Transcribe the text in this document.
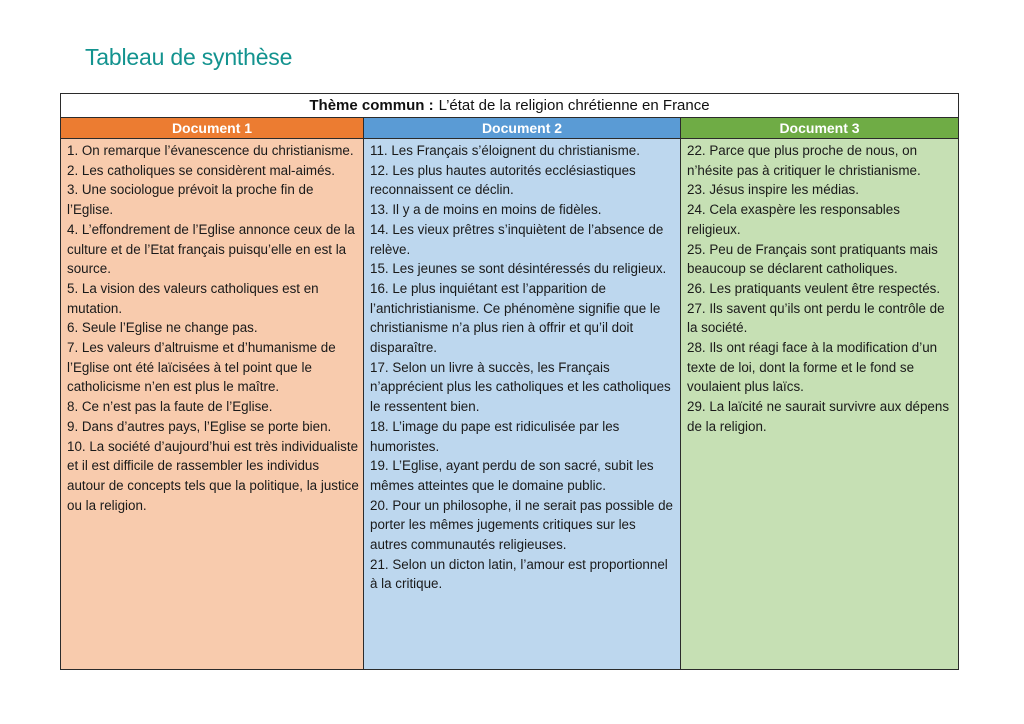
Tableau de synthèse
Thème commun : L’état de la religion chrétienne en France
Document 1	Document 2	Document 3

1. On remarque l’évanescence du christianisme.

2. Les catholiques se considèrent mal-aimés.

3. Une sociologue prévoit la proche fin de l’Eglise.

4. L’effondrement de l’Eglise annonce ceux de la culture et de l’Etat français puisqu’elle en est la source.

5. La vision des valeurs catholiques est en mutation.

6. Seule l’Eglise ne change pas.

7. Les valeurs d’altruisme et d’humanisme de l’Eglise ont été laïcisées à tel point que le catholicisme n’en est plus le maître.

8. Ce n’est pas la faute de l’Eglise.

9. Dans d’autres pays, l’Eglise se porte bien.

10. La société d’aujourd’hui est très individualiste et il est difficile de rassembler les individus autour de concepts tels que la politique, la justice ou la religion.

11. Les Français s’éloignent du christianisme.

12. Les plus hautes autorités ecclésiastiques reconnaissent ce déclin.

13. Il y a de moins en moins de fidèles.

14. Les vieux prêtres s’inquiètent de l’absence de relève.

15. Les jeunes se sont désintéressés du religieux.

16. Le plus inquiétant est l’apparition de l’antichristianisme. Ce phénomène signifie que le christianisme n’a plus rien à offrir et qu’il doit disparaître.

17. Selon un livre à succès, les Français n’apprécient plus les catholiques et les catholiques le ressentent bien.

18. L’image du pape est ridiculisée par les humoristes.

19. L’Eglise, ayant perdu de son sacré, subit les mêmes atteintes que le domaine public.

20. Pour un philosophe, il ne serait pas possible de porter les mêmes jugements critiques sur les autres communautés religieuses.

21. Selon un dicton latin, l’amour est proportionnel à la critique.

22. Parce que plus proche de nous, on n’hésite pas à critiquer le christianisme.

23. Jésus inspire les médias.

24. Cela exaspère les responsables religieux.

25. Peu de Français sont pratiquants mais beaucoup se déclarent catholiques.

26. Les pratiquants veulent être respectés.

27. Ils savent qu’ils ont perdu le contrôle de la société.

28. Ils ont réagi face à la modification d’un texte de loi, dont la forme et le fond se voulaient plus laïcs.

29. La laïcité ne saurait survivre aux dépens de la religion.
